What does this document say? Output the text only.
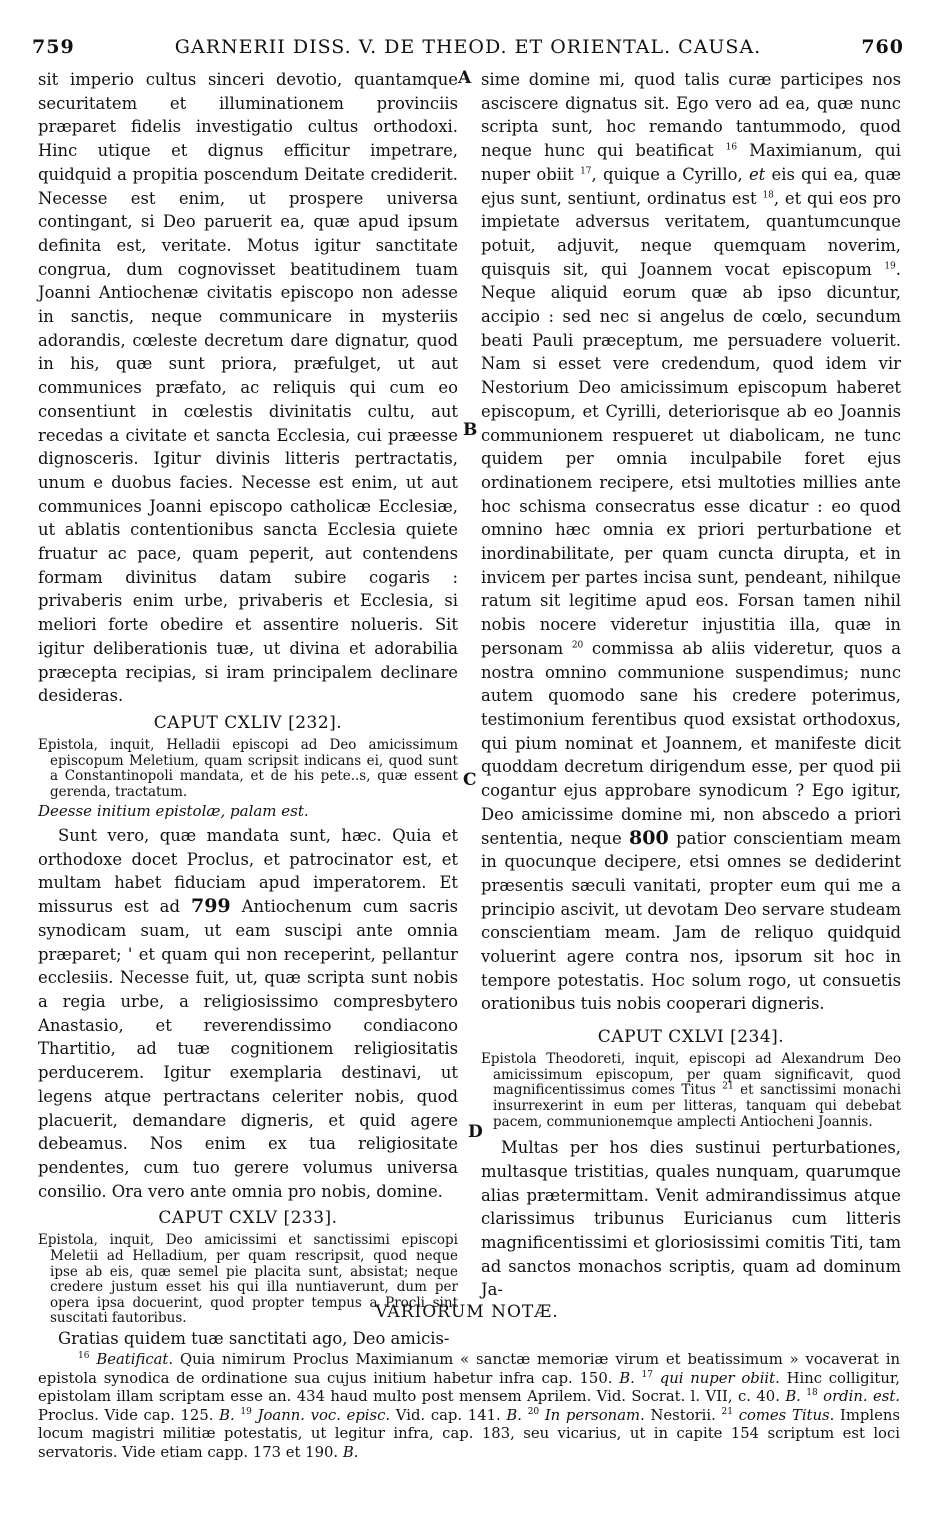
759	GARNERII DISS. V. DE THEOD. ET ORIENTAL. CAUSA.	760
A
B
C
D

sit imperio cultus sinceri devotio, quantamque securitatem et illuminationem provinciis præparet fidelis investigatio cultus orthodoxi. Hinc utique et dignus efficitur impetrare, quidquid a propitia poscendum Deitate crediderit. Necesse est enim, ut prospere universa contingant, si Deo paruerit ea, quæ apud ipsum definita est, veritate. Motus igitur sanctitate congrua, dum cognovisset beatitudinem tuam Joanni Antiochenæ civitatis episcopo non adesse in sanctis, neque communicare in mysteriis adorandis, cœleste decretum dare dignatur, quod in his, quæ sunt priora, præfulget, ut aut communices præfato, ac reliquis qui cum eo consentiunt in cœlestis divinitatis cultu, aut recedas a civitate et sancta Ecclesia, cui præesse dignosceris. Igitur divinis litteris pertractatis, unum e duobus facies. Necesse est enim, ut aut communices Joanni episcopo catholicæ Ecclesiæ, ut ablatis contentionibus sancta Ecclesia quiete fruatur ac pace, quam peperit, aut contendens formam divinitus datam subire cogaris : privaberis enim urbe, privaberis et Ecclesia, si meliori forte obedire et assentire nolueris. Sit igitur deliberationis tuæ, ut divina et adorabilia præcepta recipias, si iram principalem declinare desideras.

CAPUT CXLIV [232].

Epistola, inquit, Helladii episcopi ad Deo amicissimum episcopum Meletium, quam scripsit indicans ei, quod sunt a Constantinopoli mandata, et de his pete..s, quæ essent gerenda, tractatum.

Deesse initium epistolæ, palam est.

Sunt vero, quæ mandata sunt, hæc. Quia et orthodoxe docet Proclus, et patrocinator est, et multam habet fiduciam apud imperatorem. Et missurus est ad 799 Antiochenum cum sacris synodicam suam, ut eam suscipi ante omnia præparet; ' et quam qui non receperint, pellantur ecclesiis. Necesse fuit, ut, quæ scripta sunt nobis a regia urbe, a religiosissimo compresbytero Anastasio, et reverendissimo condiacono Thartitio, ad tuæ cognitionem religiositatis perducerem. Igitur exemplaria destinavi, ut legens atque pertractans celeriter nobis, quod placuerit, demandare digneris, et quid agere debeamus. Nos enim ex tua religiositate pendentes, cum tuo gerere volumus universa consilio. Ora vero ante omnia pro nobis, domine.

CAPUT CXLV [233].

Epistola, inquit, Deo amicissimi et sanctissimi episcopi Meletii ad Helladium, per quam rescripsit, quod neque ipse ab eis, quæ semel pie placita sunt, absistat; neque credere justum esset his qui illa nuntiaverunt, dum per opera ipsa docuerint, quod propter tempus a Procli sint suscitati fautoribus.

Gratias quidem tuæ sanctitati ago, Deo amicis-

sime domine mi, quod talis curæ participes nos asciscere dignatus sit. Ego vero ad ea, quæ nunc scripta sunt, hoc remando tantummodo, quod neque hunc qui beatificat $^{16}$ Maximianum, qui nuper obiit $^{17}$, quique a Cyrillo, et eis qui ea, quæ ejus sunt, sentiunt, ordinatus est $^{18}$, et qui eos pro impietate adversus veritatem, quantumcunque potuit, adjuvit, neque quemquam noverim, quisquis sit, qui Joannem vocat episcopum $^{19}$. Neque aliquid eorum quæ ab ipso dicuntur, accipio : sed nec si angelus de cœlo, secundum beati Pauli præceptum, me persuadere voluerit. Nam si esset vere credendum, quod idem vir Nestorium Deo amicissimum episcopum haberet episcopum, et Cyrilli, deteriorisque ab eo Joannis communionem respueret ut diabolicam, ne tunc quidem per omnia inculpabile foret ejus ordinationem recipere, etsi multoties millies ante hoc schisma consecratus esse dicatur : eo quod omnino hæc omnia ex priori perturbatione et inordinabilitate, per quam cuncta dirupta, et in invicem per partes incisa sunt, pendeant, nihilque ratum sit legitime apud eos. Forsan tamen nihil nobis nocere videretur injustitia illa, quæ in personam $^{20}$ commissa ab aliis videretur, quos a nostra omnino communione suspendimus; nunc autem quomodo sane his credere poterimus, testimonium ferentibus quod exsistat orthodoxus, qui pium nominat et Joannem, et manifeste dicit quoddam decretum dirigendum esse, per quod pii cogantur ejus approbare synodicum ? Ego igitur, Deo amicissime domine mi, non abscedo a priori sententia, neque 800 patior conscientiam meam in quocunque decipere, etsi omnes se dediderint præsentis sæculi vanitati, propter eum qui me a principio ascivit, ut devotam Deo servare studeam conscientiam meam. Jam de reliquo quidquid voluerint agere contra nos, ipsorum sit hoc in tempore potestatis. Hoc solum rogo, ut consuetis orationibus tuis nobis cooperari digneris.

CAPUT CXLVI [234].

Epistola Theodoreti, inquit, episcopi ad Alexandrum Deo amicissimum episcopum, per quam significavit, quod magnificentissimus comes Titus $^{21}$ et sanctissimi monachi insurrexerint in eum per litteras, tanquam qui debebat pacem, communionemque amplecti Antiocheni Joannis.

Multas per hos dies sustinui perturbationes, multasque tristitias, quales nunquam, quarumque alias prætermittam. Venit admirandissimus atque clarissimus tribunus Euricianus cum litteris magnificentissimi et gloriosissimi comitis Titi, tam ad sanctos monachos scriptis, quam ad dominum Ja-

VARIORUM NOTÆ.
$^{16}$ Beatificat. Quia nimirum Proclus Maximianum « sanctæ memoriæ virum et beatissimum » vocaverat in epistola synodica de ordinatione sua cujus initium habetur infra cap. 150. B. $^{17}$ qui nuper obiit. Hinc colligitur, epistolam illam scriptam esse an. 434 haud multo post mensem Aprilem. Vid. Socrat. l. VII, c. 40. B. $^{18}$ ordin. est. Proclus. Vide cap. 125. B. $^{19}$ Joann. voc. episc. Vid. cap. 141. B. $^{20}$ In personam. Nestorii. $^{21}$ comes Titus. Implens locum magistri militiæ potestatis, ut legitur infra, cap. 183, seu vicarius, ut in capite 154 scriptum est loci servatoris. Vide etiam capp. 173 et 190. B.
